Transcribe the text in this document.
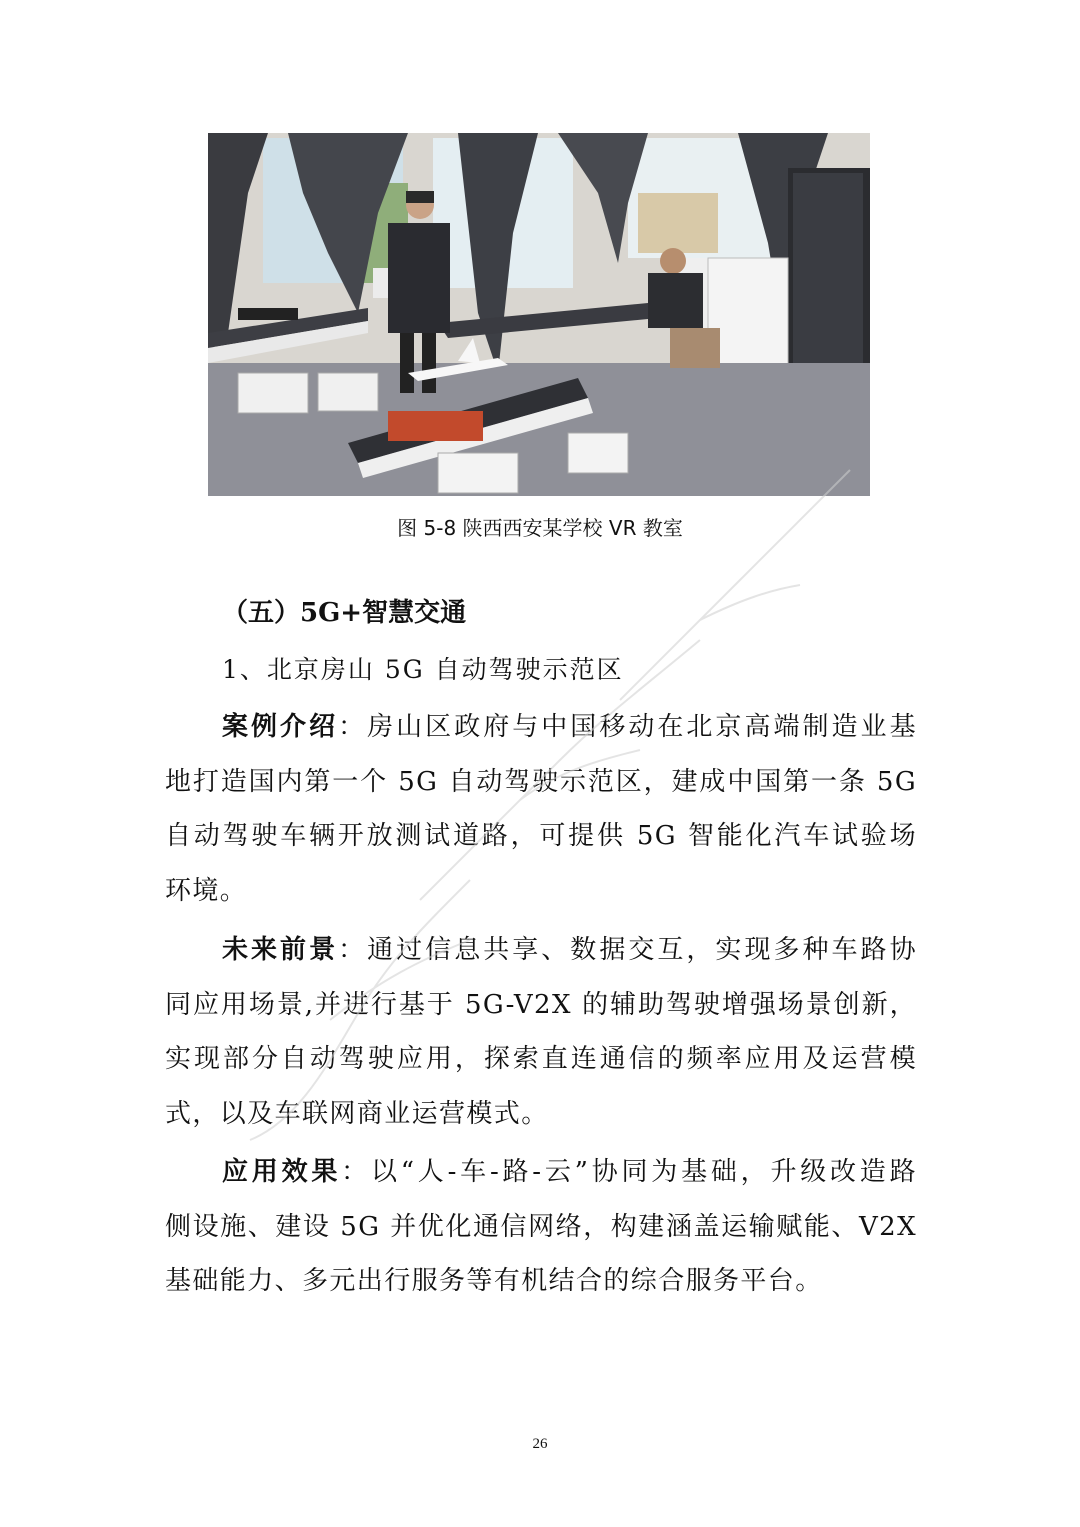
图 5-8 陕西西安某学校 VR 教室
（五）5G+智慧交通
1、北京房山 5G 自动驾驶示范区
案例介绍：房山区政府与中国移动在北京高端制造业基
地打造国内第一个 5G 自动驾驶示范区，建成中国第一条 5G
自动驾驶车辆开放测试道路，可提供 5G 智能化汽车试验场
环境。
未来前景：通过信息共享、数据交互，实现多种车路协
同应用场景,并进行基于 5G-V2X 的辅助驾驶增强场景创新，
实现部分自动驾驶应用，探索直连通信的频率应用及运营模
式，以及车联网商业运营模式。
应用效果：以“人-车-路-云”协同为基础，升级改造路
侧设施、建设 5G 并优化通信网络，构建涵盖运输赋能、V2X
基础能力、多元出行服务等有机结合的综合服务平台。
26
